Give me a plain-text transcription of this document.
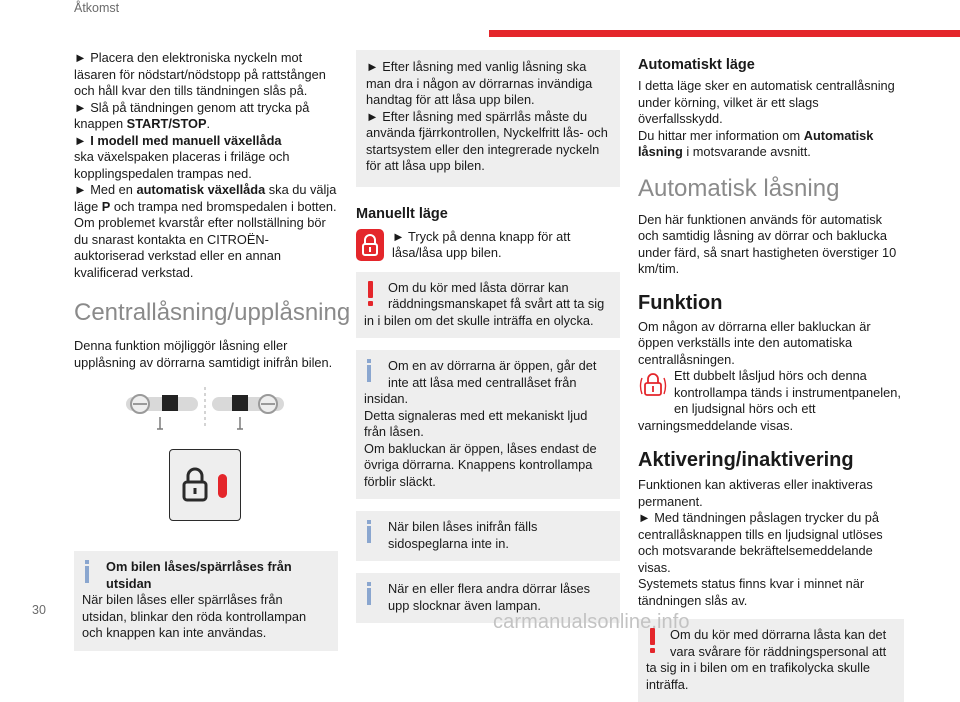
Åtkomst

► Placera den elektroniska nyckeln mot läsaren för nödstart/nödstopp på rattstången och håll kvar den tills tändningen slås på.
► Slå på tändningen genom att trycka på knappen START/STOP.
► I modell med manuell växellåda
ska växelspaken placeras i friläge och kopplingspedalen trampas ned.
► Med en automatisk växellåda ska du välja läge P och trampa ned bromspedalen i botten.
Om problemet kvarstår efter nollställning bör du snarast kontakta en CITROËN-auktoriserad verkstad eller en annan kvalificerad verkstad.

Centrallåsning/upplåsning

Denna funktion möjliggör låsning eller upplåsning av dörrarna samtidigt inifrån bilen.

Om bilen låses/spärrlåses från utsidan
När bilen låses eller spärrlåses från utsidan, blinkar den röda kontrollampan och knappen kan inte användas.

► Efter låsning med vanlig låsning ska man dra i någon av dörrarnas invändiga handtag för att låsa upp bilen.
► Efter låsning med spärrlås måste du använda fjärrkontrollen, Nyckelfritt lås- och startsystem eller den integrerade nyckeln för att låsa upp bilen.

Manuellt läge

► Tryck på denna knapp för att låsa/låsa upp bilen.

Om du kör med låsta dörrar kan räddningsmanskapet få svårt att ta sig in i bilen om det skulle inträffa en olycka.

Om en av dörrarna är öppen, går det inte att låsa med centrallåset från insidan.
Detta signaleras med ett mekaniskt ljud från låsen.
Om bakluckan är öppen, låses endast de övriga dörrarna. Knappens kontrollampa förblir släckt.

När bilen låses inifrån fälls sidospeglarna inte in.

När en eller flera andra dörrar låses upp slocknar även lampan.

Automatiskt läge

I detta läge sker en automatisk centrallåsning under körning, vilket är ett slags överfallsskydd.
Du hittar mer information om Automatisk låsning i motsvarande avsnitt.

Automatisk låsning

Den här funktionen används för automatisk och samtidig låsning av dörrar och baklucka under färd, så snart hastigheten överstiger 10 km/tim.

Funktion

Om någon av dörrarna eller bakluckan är öppen verkställs inte den automatiska centrallåsningen.

Ett dubbelt låsljud hörs och denna kontrollampa tänds i instrumentpanelen, en ljudsignal hörs och ett varningsmeddelande visas.

Aktivering/inaktivering

Funktionen kan aktiveras eller inaktiveras permanent.
► Med tändningen påslagen trycker du på centrallåsknappen tills en ljudsignal utlöses och motsvarande bekräftelsemeddelande visas.
Systemets status finns kvar i minnet när tändningen slås av.

Om du kör med dörrarna låsta kan det vara svårare för räddningspersonal att ta sig in i bilen om en trafikolycka skulle inträffa.

30
carmanualsonline.info
